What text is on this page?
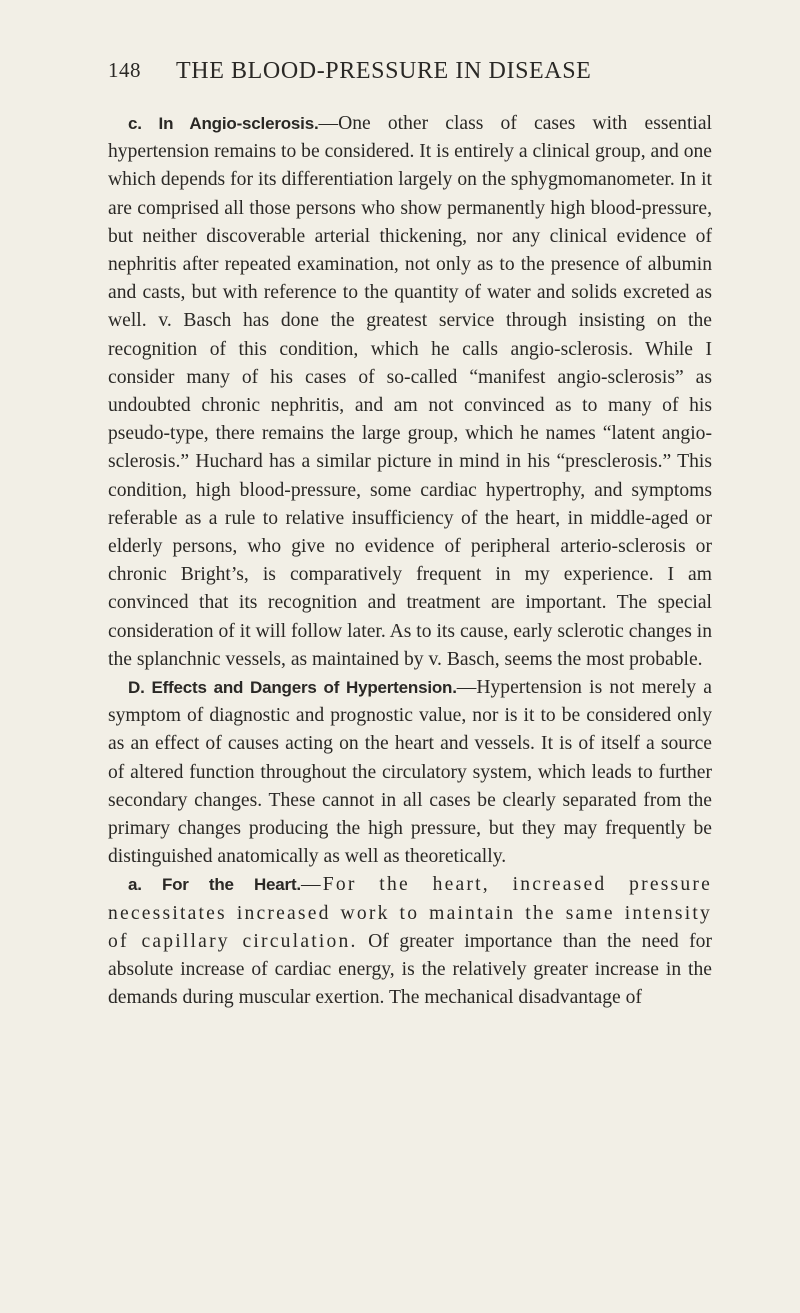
148 THE BLOOD-PRESSURE IN DISEASE

c. In Angio-sclerosis.—One other class of cases with essential hypertension remains to be considered. It is entirely a clinical group, and one which depends for its differentiation largely on the sphygmomanometer. In it are comprised all those persons who show permanently high blood-pressure, but neither discoverable arterial thickening, nor any clinical evidence of nephritis after repeated examination, not only as to the presence of albumin and casts, but with reference to the quantity of water and solids excreted as well. v. Basch has done the greatest service through insisting on the recognition of this condition, which he calls angio-sclerosis. While I consider many of his cases of so-called “manifest angio-sclerosis” as undoubted chronic nephritis, and am not convinced as to many of his pseudo-type, there remains the large group, which he names “latent angio-sclerosis.” Huchard has a similar picture in mind in his “presclerosis.” This condition, high blood-pressure, some cardiac hypertrophy, and symptoms referable as a rule to relative insufficiency of the heart, in middle-aged or elderly persons, who give no evidence of peripheral arterio-sclerosis or chronic Bright’s, is comparatively frequent in my experience. I am convinced that its recognition and treatment are important. The special consideration of it will follow later. As to its cause, early sclerotic changes in the splanchnic vessels, as maintained by v. Basch, seems the most probable.

D. Effects and Dangers of Hypertension.—Hypertension is not merely a symptom of diagnostic and prognostic value, nor is it to be considered only as an effect of causes acting on the heart and vessels. It is of itself a source of altered function throughout the circulatory system, which leads to further secondary changes. These cannot in all cases be clearly separated from the primary changes producing the high pressure, but they may frequently be distinguished anatomically as well as theoretically.

a. For the Heart.—For the heart, increased pressure necessitates increased work to maintain the same intensity of capillary circulation. Of greater importance than the need for absolute increase of cardiac energy, is the relatively greater increase in the demands during muscular exertion. The mechanical disadvantage of
